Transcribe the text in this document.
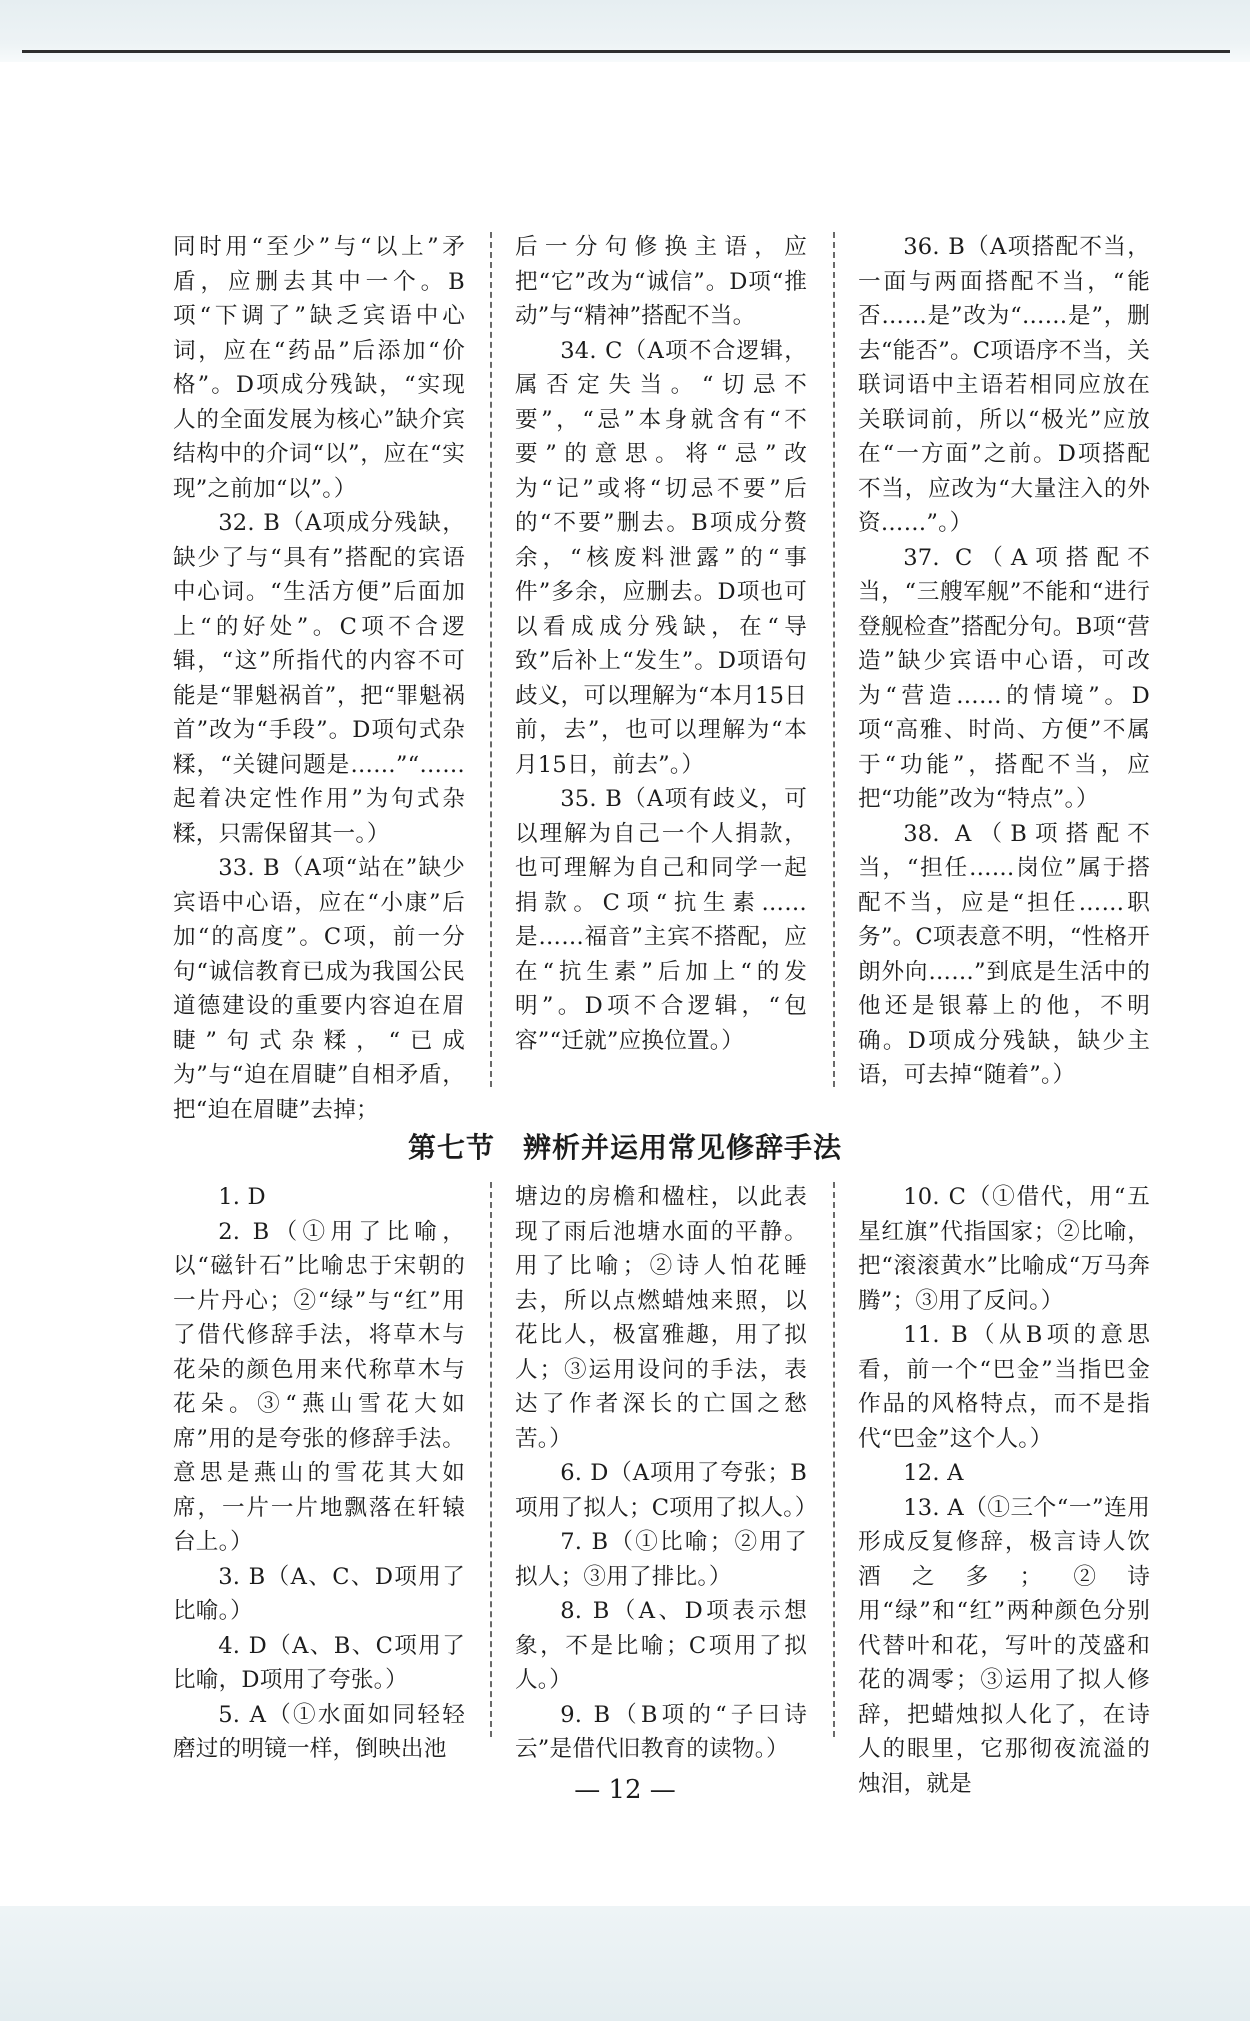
同时用“至少”与“以上”矛盾，应删去其中一个。B项“下调了”缺乏宾语中心词，应在“药品”后添加“价格”。D项成分残缺，“实现人的全面发展为核心”缺介宾结构中的介词“以”，应在“实现”之前加“以”。）

32. B（A项成分残缺，缺少了与“具有”搭配的宾语中心词。“生活方便”后面加上“的好处”。C项不合逻辑，“这”所指代的内容不可能是“罪魁祸首”，把“罪魁祸首”改为“手段”。D项句式杂糅，“关键问题是……”“……起着决定性作用”为句式杂糅，只需保留其一。）

33. B（A项“站在”缺少宾语中心语，应在“小康”后加“的高度”。C项，前一分句“诚信教育已成为我国公民道德建设的重要内容迫在眉睫”句式杂糅，“已成为”与“迫在眉睫”自相矛盾，把“迫在眉睫”去掉；

后一分句修换主语，应把“它”改为“诚信”。D项“推动”与“精神”搭配不当。

34. C（A项不合逻辑，属否定失当。“切忌不要”，“忌”本身就含有“不要”的意思。将“忌”改为“记”或将“切忌不要”后的“不要”删去。B项成分赘余，“核废料泄露”的“事件”多余，应删去。D项也可以看成成分残缺，在“导致”后补上“发生”。D项语句歧义，可以理解为“本月15日前，去”，也可以理解为“本月15日，前去”。）

35. B（A项有歧义，可以理解为自己一个人捐款，也可理解为自己和同学一起捐款。C项“抗生素……是……福音”主宾不搭配，应在“抗生素”后加上“的发明”。D项不合逻辑，“包容”“迁就”应换位置。）

36. B（A项搭配不当，一面与两面搭配不当，“能否……是”改为“……是”，删去“能否”。C项语序不当，关联词语中主语若相同应放在关联词前，所以“极光”应放在“一方面”之前。D项搭配不当，应改为“大量注入的外资……”。）

37. C（A项搭配不当，“三艘军舰”不能和“进行登舰检查”搭配分句。B项“营造”缺少宾语中心语，可改为“营造……的情境”。D项“高雅、时尚、方便”不属于“功能”，搭配不当，应把“功能”改为“特点”。）

38. A（B项搭配不当，“担任……岗位”属于搭配不当，应是“担任……职务”。C项表意不明，“性格开朗外向……”到底是生活中的他还是银幕上的他，不明确。D项成分残缺，缺少主语，可去掉“随着”。）

第七节 辨析并运用常见修辞手法

1. D

2. B（①用了比喻，以“磁针石”比喻忠于宋朝的一片丹心；②“绿”与“红”用了借代修辞手法，将草木与花朵的颜色用来代称草木与花朵。③“燕山雪花大如席”用的是夸张的修辞手法。意思是燕山的雪花其大如席，一片一片地飘落在轩辕台上。）

3. B（A、C、D项用了比喻。）

4. D（A、B、C项用了比喻，D项用了夸张。）

5. A（①水面如同轻轻磨过的明镜一样，倒映出池

塘边的房檐和楹柱，以此表现了雨后池塘水面的平静。用了比喻；②诗人怕花睡去，所以点燃蜡烛来照，以花比人，极富雅趣，用了拟人；③运用设问的手法，表达了作者深长的亡国之愁苦。）

6. D（A项用了夸张；B项用了拟人；C项用了拟人。）

7. B（①比喻；②用了拟人；③用了排比。）

8. B（A、D项表示想象，不是比喻；C项用了拟人。）

9. B（B项的“子曰诗云”是借代旧教育的读物。）

10. C（①借代，用“五星红旗”代指国家；②比喻，把“滚滚黄水”比喻成“万马奔腾”；③用了反问。）

11. B（从B项的意思看，前一个“巴金”当指巴金作品的风格特点，而不是指代“巴金”这个人。）

12. A

13. A（①三个“一”连用形成反复修辞，极言诗人饮酒之多；②诗用“绿”和“红”两种颜色分别代替叶和花，写叶的茂盛和花的凋零；③运用了拟人修辞，把蜡烛拟人化了，在诗人的眼里，它那彻夜流溢的烛泪，就是

— 12 —
